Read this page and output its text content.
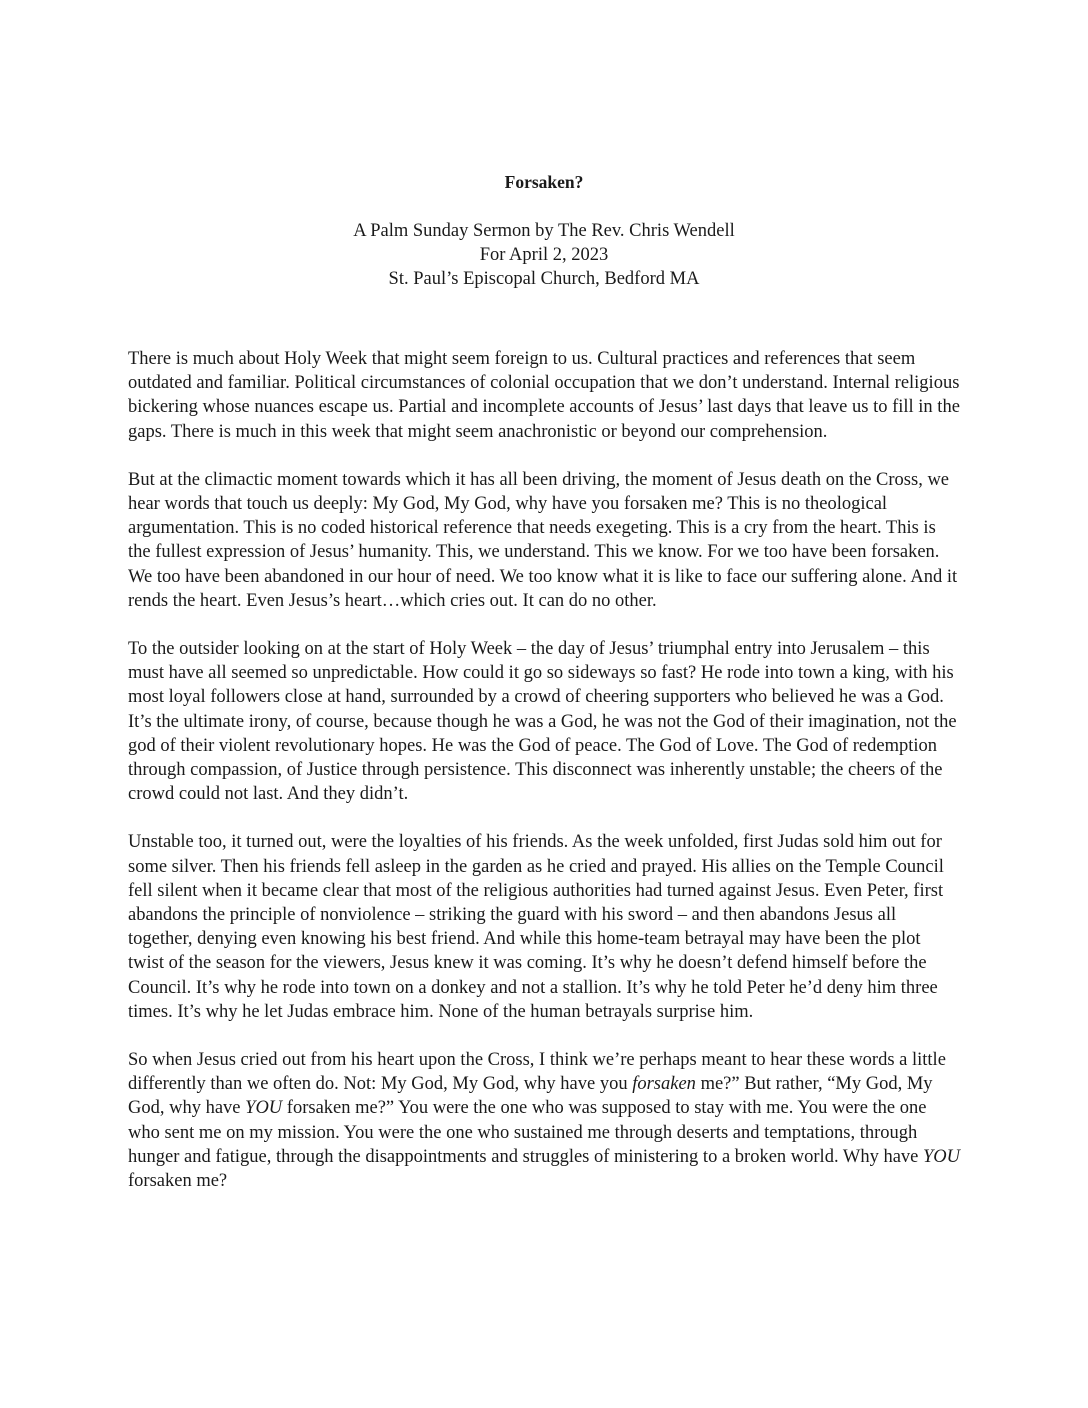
Forsaken?
A Palm Sunday Sermon by The Rev. Chris Wendell
For April 2, 2023
St. Paul’s Episcopal Church, Bedford MA

There is much about Holy Week that might seem foreign to us. Cultural practices and references that seem outdated and familiar. Political circumstances of colonial occupation that we don’t understand. Internal religious bickering whose nuances escape us. Partial and incomplete accounts of Jesus’ last days that leave us to fill in the gaps. There is much in this week that might seem anachronistic or beyond our comprehension.

But at the climactic moment towards which it has all been driving, the moment of Jesus death on the Cross, we hear words that touch us deeply: My God, My God, why have you forsaken me? This is no theological argumentation. This is no coded historical reference that needs exegeting. This is a cry from the heart. This is the fullest expression of Jesus’ humanity. This, we understand. This we know. For we too have been forsaken. We too have been abandoned in our hour of need. We too know what it is like to face our suffering alone. And it rends the heart. Even Jesus’s heart…which cries out. It can do no other.

To the outsider looking on at the start of Holy Week – the day of Jesus’ triumphal entry into Jerusalem – this must have all seemed so unpredictable. How could it go so sideways so fast? He rode into town a king, with his most loyal followers close at hand, surrounded by a crowd of cheering supporters who believed he was a God. It’s the ultimate irony, of course, because though he was a God, he was not the God of their imagination, not the god of their violent revolutionary hopes. He was the God of peace. The God of Love. The God of redemption through compassion, of Justice through persistence. This disconnect was inherently unstable; the cheers of the crowd could not last. And they didn’t.

Unstable too, it turned out, were the loyalties of his friends. As the week unfolded, first Judas sold him out for some silver. Then his friends fell asleep in the garden as he cried and prayed. His allies on the Temple Council fell silent when it became clear that most of the religious authorities had turned against Jesus. Even Peter, first abandons the principle of nonviolence – striking the guard with his sword – and then abandons Jesus all together, denying even knowing his best friend. And while this home-team betrayal may have been the plot twist of the season for the viewers, Jesus knew it was coming. It’s why he doesn’t defend himself before the Council. It’s why he rode into town on a donkey and not a stallion. It’s why he told Peter he’d deny him three times. It’s why he let Judas embrace him. None of the human betrayals surprise him.

So when Jesus cried out from his heart upon the Cross, I think we’re perhaps meant to hear these words a little differently than we often do. Not: My God, My God, why have you forsaken me?” But rather, “My God, My God, why have YOU forsaken me?” You were the one who was supposed to stay with me. You were the one who sent me on my mission. You were the one who sustained me through deserts and temptations, through hunger and fatigue, through the disappointments and struggles of ministering to a broken world. Why have YOU forsaken me?
